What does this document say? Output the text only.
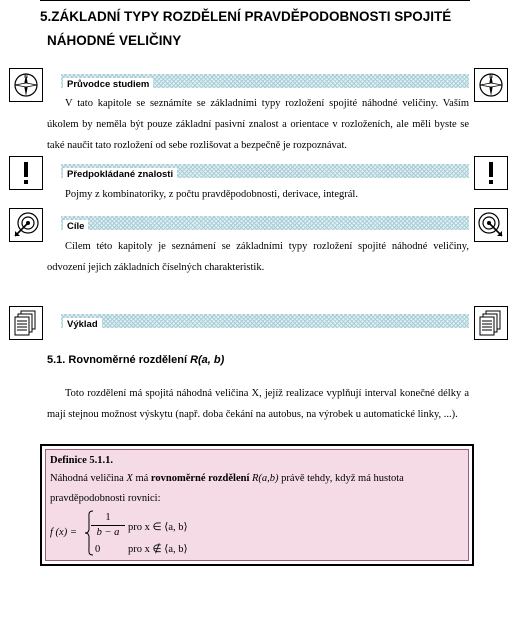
5.ZÁKLADNÍ TYPY ROZDĚLENÍ PRAVDĚPODOBNOSTI SPOJITÉ
NÁHODNÉ VELIČINY
N	N
Průvodce studiem
V tato kapitole se seznámíte se základními typy rozložení spojité náhodné veličiny. Vaším úkolem by neměla být pouze základní pasivní znalost a orientace v rozloženích, ale měli byste se také naučit tato rozložení od sebe rozlišovat a bezpečně je rozpoznávat.
Předpokládané znalosti
Pojmy z kombinatoriky, z počtu pravděpodobnosti, derivace, integrál.
Cíle
Cílem této kapitoly je seznámení se základními typy rozložení spojité náhodné veličiny, odvození jejich základních číselných charakteristik.
Výklad
5.1. Rovnoměrné rozdělení R(a, b)
Toto rozdělení má spojitá náhodná veličina X, jejíž realizace vyplňují interval konečné délky a mají stejnou možnost výskytu (např. doba čekání na autobus, na výrobek u automatické linky, ...).
Definice 5.1.1.
Náhodná veličina X má rovnoměrné rozdělení R(a,b) právě tehdy, když má hustota
pravděpodobnosti rovnici:
f (x) =
1
b − a pro x ∈ ⟨a, b⟩
0	pro x ∉ ⟨a, b⟩
